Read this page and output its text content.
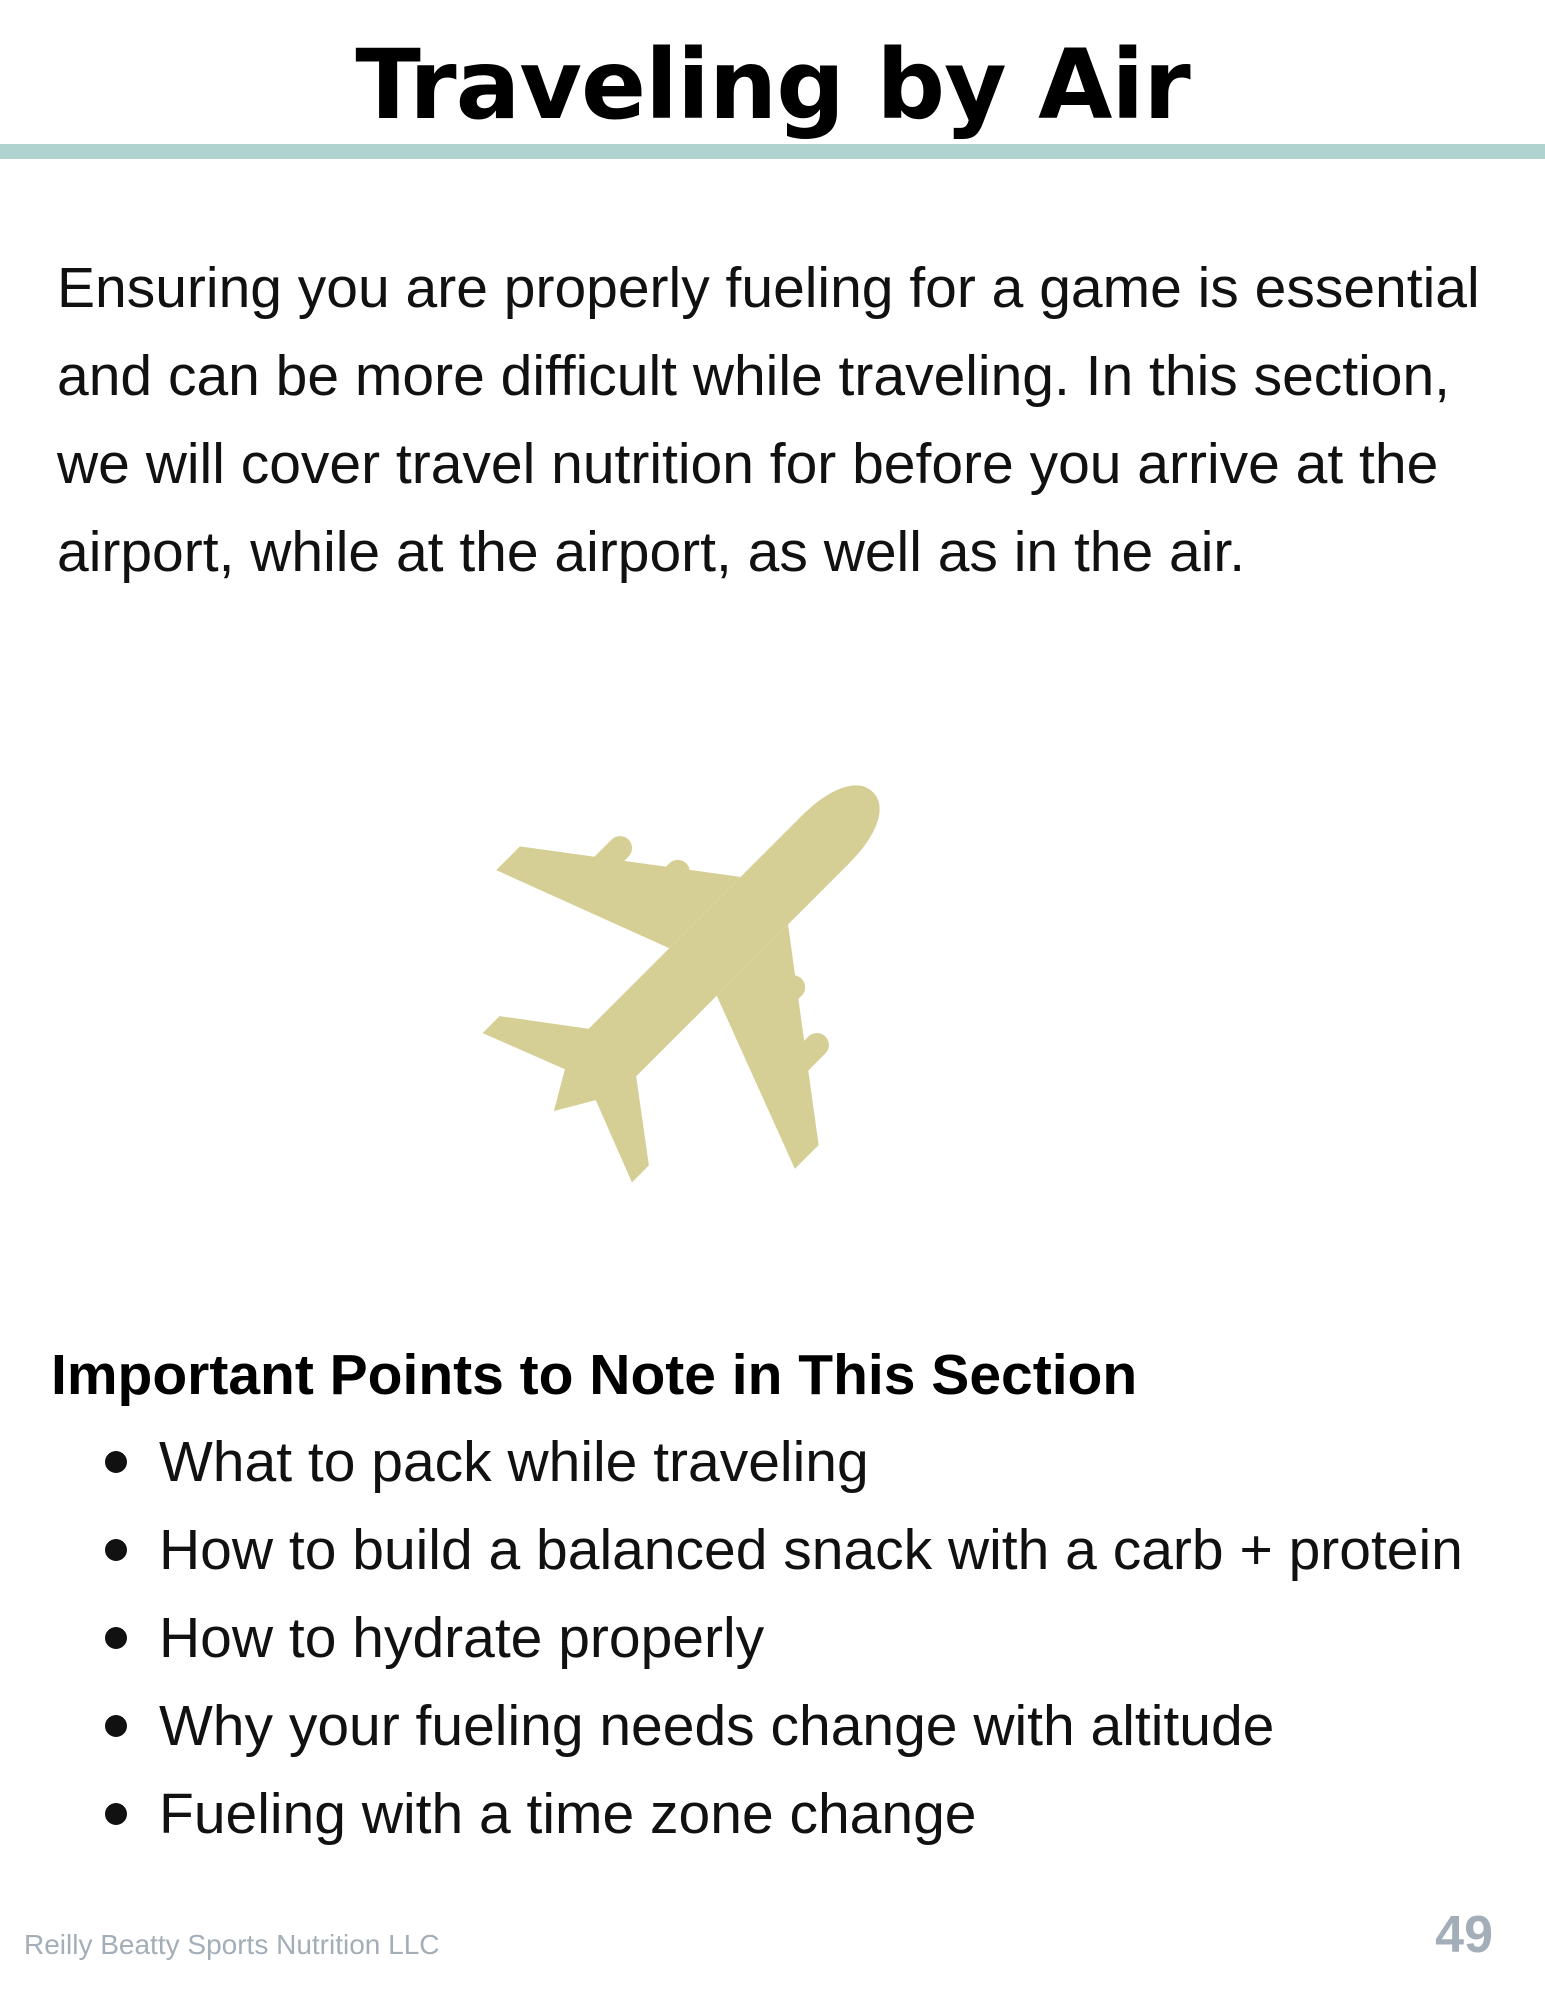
Traveling by Air

Ensuring you are properly fueling for a game is essential and can be more difficult while traveling. In this section, we will cover travel nutrition for before you arrive at the airport, while at the airport, as well as in the air.

Important Points to Note in This Section
What to pack while traveling
How to build a balanced snack with a carb + protein
How to hydrate properly
Why your fueling needs change with altitude
Fueling with a time zone change
Reilly Beatty Sports Nutrition LLC	49
